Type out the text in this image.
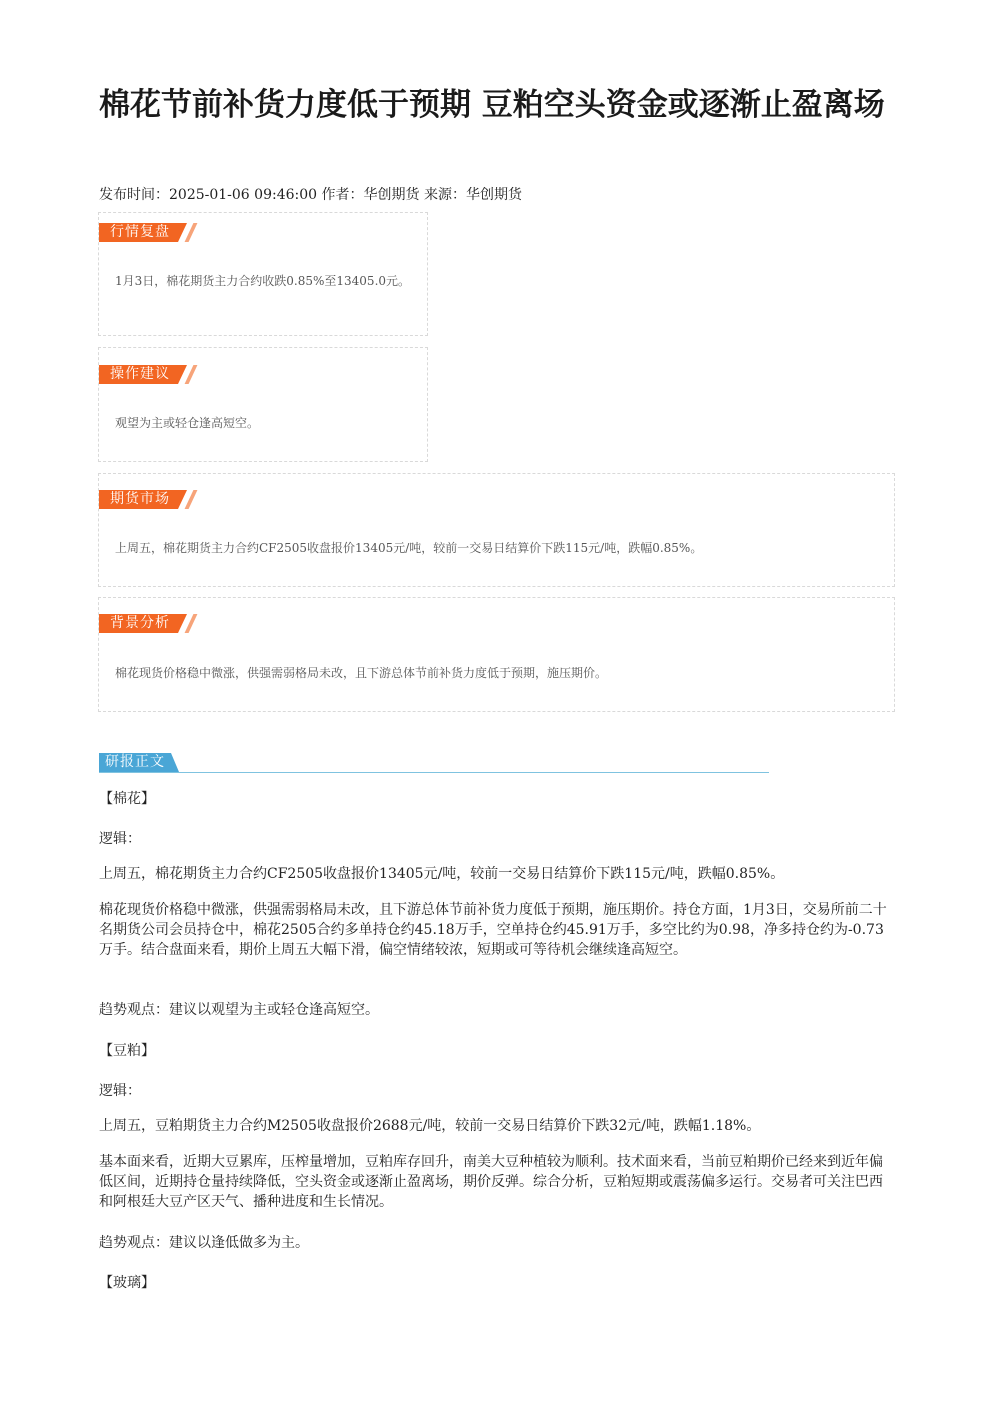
棉花节前补货力度低于预期 豆粕空头资金或逐渐止盈离场
发布时间：2025-01-06 09:46:00 作者：华创期货 来源：华创期货
行情复盘
1月3日，棉花期货主力合约收跌0.85%至13405.0元。
操作建议
观望为主或轻仓逢高短空。
期货市场
上周五，棉花期货主力合约CF2505收盘报价13405元/吨，较前一交易日结算价下跌115元/吨，跌幅0.85%。
背景分析
棉花现货价格稳中微涨，供强需弱格局未改，且下游总体节前补货力度低于预期，施压期价。
研报正文

【棉花】

逻辑：

上周五，棉花期货主力合约CF2505收盘报价13405元/吨，较前一交易日结算价下跌115元/吨，跌幅0.85%。

棉花现货价格稳中微涨，供强需弱格局未改，且下游总体节前补货力度低于预期，施压期价。持仓方面，1月3日，交易所前二十名期货公司会员持仓中，棉花2505合约多单持仓约45.18万手，空单持仓约45.91万手，多空比约为0.98，净多持仓约为-0.73万手。结合盘面来看，期价上周五大幅下滑，偏空情绪较浓，短期或可等待机会继续逢高短空。

趋势观点：建议以观望为主或轻仓逢高短空。

【豆粕】

逻辑：

上周五，豆粕期货主力合约M2505收盘报价2688元/吨，较前一交易日结算价下跌32元/吨，跌幅1.18%。

基本面来看，近期大豆累库，压榨量增加，豆粕库存回升，南美大豆种植较为顺利。技术面来看，当前豆粕期价已经来到近年偏低区间，近期持仓量持续降低，空头资金或逐渐止盈离场，期价反弹。综合分析，豆粕短期或震荡偏多运行。交易者可关注巴西和阿根廷大豆产区天气、播种进度和生长情况。

趋势观点：建议以逢低做多为主。

【玻璃】
